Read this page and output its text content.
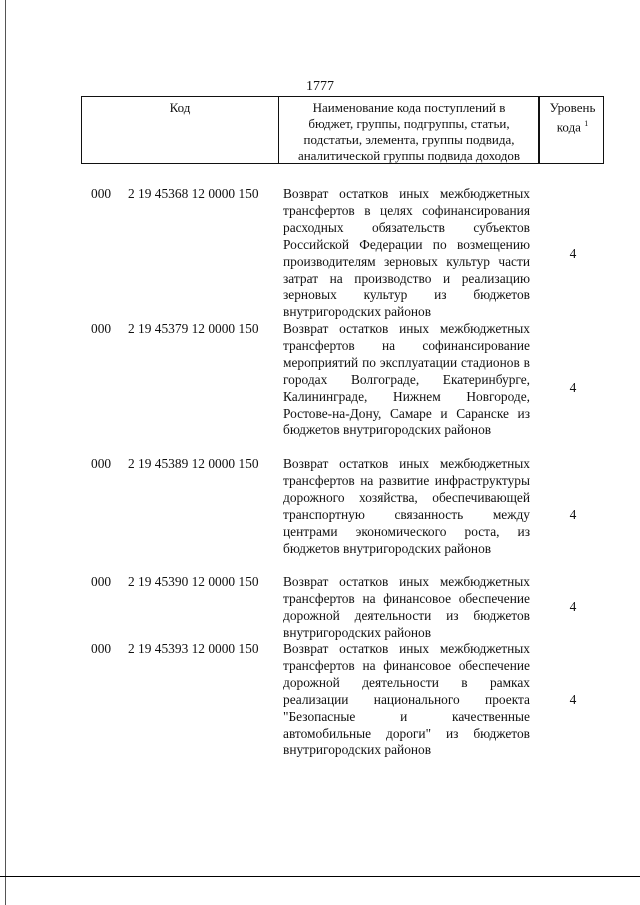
1777
Код	Наименование кода поступлений в
бюджет, группы, подгруппы, статьи,
подстатьи, элемента, группы подвида,
аналитической группы подвида доходов
Уровень
кода $^1$
000 2 19 45368 12 0000 150 Возврат остатков иных межбюджетных трансфертов в целях софинансирования расходных обязательств субъектов Российской Федерации по возмещению производителям зерновых культур части затрат на производство и реализацию зерновых культур из бюджетов внутригородских районов
4
000 2 19 45379 12 0000 150 Возврат остатков иных межбюджетных трансфертов на софинансирование мероприятий по эксплуатации стадионов в городах Волгограде, Екатеринбурге, Калининграде, Нижнем Новгороде, Ростове-на-Дону, Самаре и Саранске из бюджетов внутригородских районов
4
000 2 19 45389 12 0000 150 Возврат остатков иных межбюджетных трансфертов на развитие инфраструктуры дорожного хозяйства, обеспечивающей транспортную связанность между центрами экономического роста, из бюджетов внутригородских районов
4
000 2 19 45390 12 0000 150 Возврат остатков иных межбюджетных трансфертов на финансовое обеспечение дорожной деятельности из бюджетов внутригородских районов
4
000 2 19 45393 12 0000 150 Возврат остатков иных межбюджетных трансфертов на финансовое обеспечение дорожной деятельности в рамках реализации национального проекта "Безопасные и качественные автомобильные дороги" из бюджетов внутригородских районов
4
